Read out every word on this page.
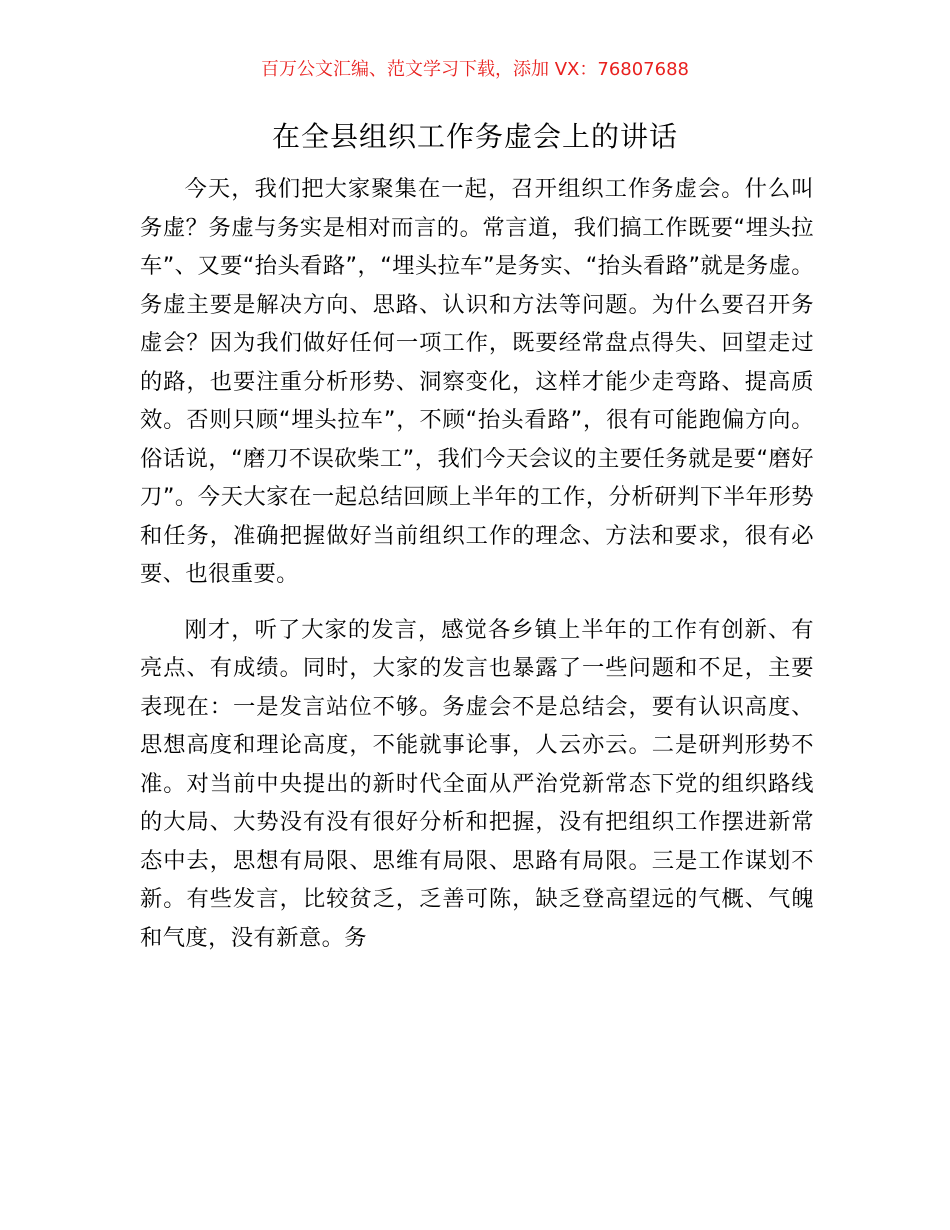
百万公文汇编、范文学习下载，添加 VX：76807688
在全县组织工作务虚会上的讲话

今天，我们把大家聚集在一起，召开组织工作务虚会。什么叫务虚？务虚与务实是相对而言的。常言道，我们搞工作既要“埋头拉车”、又要“抬头看路”，“埋头拉车”是务实、“抬头看路”就是务虚。务虚主要是解决方向、思路、认识和方法等问题。为什么要召开务虚会？因为我们做好任何一项工作，既要经常盘点得失、回望走过的路，也要注重分析形势、洞察变化，这样才能少走弯路、提高质效。否则只顾“埋头拉车”，不顾“抬头看路”，很有可能跑偏方向。俗话说，“磨刀不误砍柴工”，我们今天会议的主要任务就是要“磨好刀”。今天大家在一起总结回顾上半年的工作，分析研判下半年形势和任务，准确把握做好当前组织工作的理念、方法和要求，很有必要、也很重要。

刚才，听了大家的发言，感觉各乡镇上半年的工作有创新、有亮点、有成绩。同时，大家的发言也暴露了一些问题和不足，主要表现在：一是发言站位不够。务虚会不是总结会，要有认识高度、思想高度和理论高度，不能就事论事，人云亦云。二是研判形势不准。对当前中央提出的新时代全面从严治党新常态下党的组织路线的大局、大势没有没有很好分析和把握，没有把组织工作摆进新常态中去，思想有局限、思维有局限、思路有局限。三是工作谋划不新。有些发言，比较贫乏，乏善可陈，缺乏登高望远的气概、气魄和气度，没有新意。务
